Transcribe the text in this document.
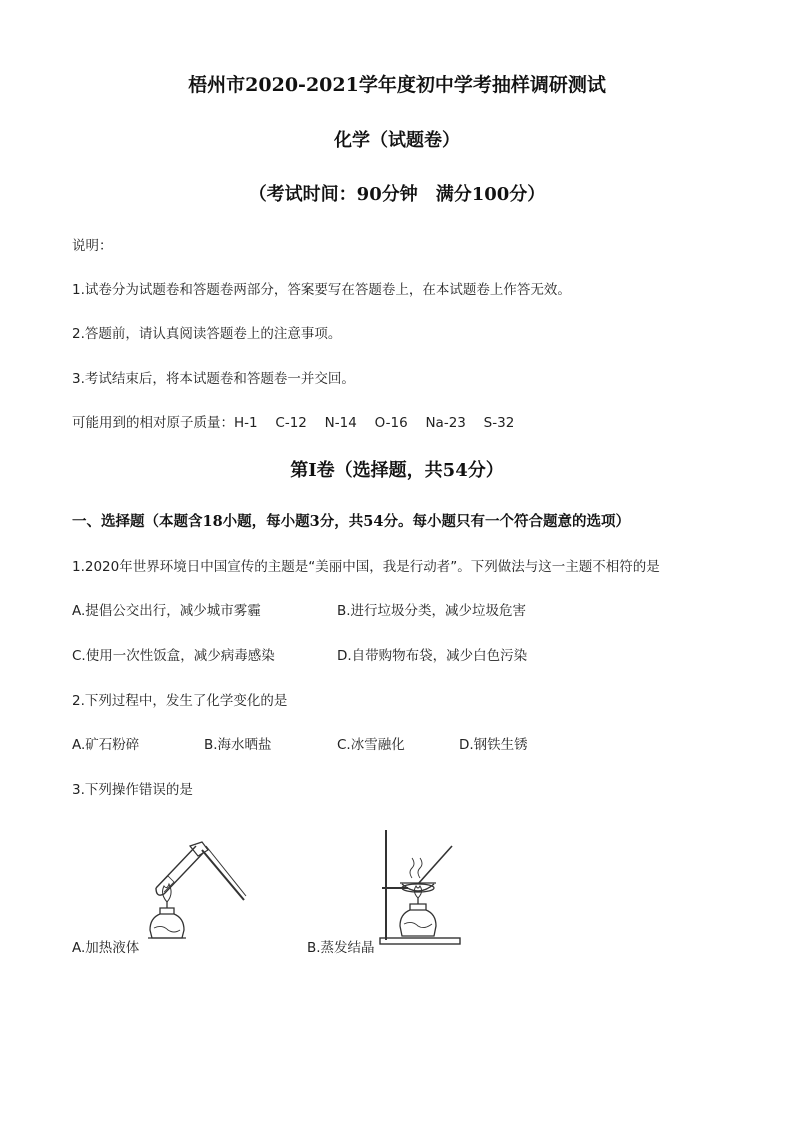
梧州市2020-2021学年度初中学考抽样调研测试
化学（试题卷）
（考试时间：90分钟　满分100分）
说明：
1.试卷分为试题卷和答题卷两部分，答案要写在答题卷上，在本试题卷上作答无效。
2.答题前，请认真阅读答题卷上的注意事项。
3.考试结束后，将本试题卷和答题卷一并交回。
可能用到的相对原子质量：H-1　 C-12　 N-14　 O-16　 Na-23　 S-32
第I卷（选择题，共54分）
一、选择题（本题含18小题，每小题3分，共54分。每小题只有一个符合题意的选项）
1.2020年世界环境日中国宣传的主题是“美丽中国，我是行动者”。下列做法与这一主题不相符的是
A.提倡公交出行，减少城市雾霾	B.进行垃圾分类，减少垃圾危害
C.使用一次性饭盒，减少病毒感染	D.自带购物布袋，减少白色污染
2.下列过程中，发生了化学变化的是
A.矿石粉碎	B.海水晒盐	C.冰雪融化	D.钢铁生锈
3.下列操作错误的是
A.加热液体	B.蒸发结晶
